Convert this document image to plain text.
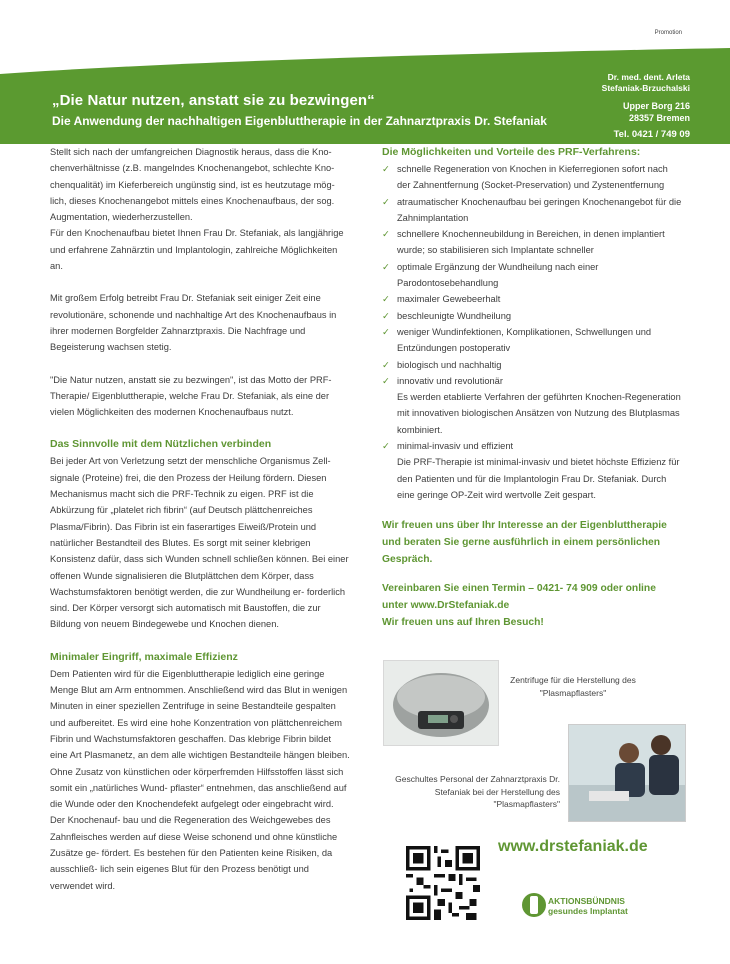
Promotion
„Die Natur nutzen, anstatt sie zu bezwingen“
Die Anwendung der nachhaltigen Eigenbluttherapie in der Zahnarztpraxis Dr. Stefaniak
Dr. med. dent. Arleta
Stefaniak-Brzuchalski
Upper Borg 216
28357 Bremen
Tel. 0421 / 749 09

Stellt sich nach der umfangreichen Diagnostik heraus, dass die Kno- chenverhältnisse (z.B. mangelndes Knochenangebot, schlechte Kno- chenqualität) im Kieferbereich ungünstig sind, ist es heutzutage mög- lich, dieses Knochenangebot mittels eines Knochenaufbaus, der sog. Augmentation, wiederherzustellen.
Für den Knochenaufbau bietet Ihnen Frau Dr. Stefaniak, als langjährige und erfahrene Zahnärztin und Implantologin, zahlreiche Möglichkeiten an.

Mit großem Erfolg betreibt Frau Dr. Stefaniak seit einiger Zeit eine revolutionäre, schonende und nachhaltige Art des Knochenaufbaus in ihrer modernen Borgfelder Zahnarztpraxis. Die Nachfrage und Begeisterung wachsen stetig.

"Die Natur nutzen, anstatt sie zu bezwingen", ist das Motto der PRF-Therapie/ Eigenbluttherapie, welche Frau Dr. Stefaniak, als eine der vielen Möglichkeiten des modernen Knochenaufbaus nutzt.

Das Sinnvolle mit dem Nützlichen verbinden

Bei jeder Art von Verletzung setzt der menschliche Organismus Zell- signale (Proteine) frei, die den Prozess der Heilung fördern. Diesen Mechanismus macht sich die PRF-Technik zu eigen. PRF ist die Abkürzung für „platelet rich fibrin“ (auf Deutsch plättchenreiches Plasma/Fibrin). Das Fibrin ist ein faserartiges Eiweiß/Protein und natürlicher Bestandteil des Blutes. Es sorgt mit seiner klebrigen Konsistenz dafür, dass sich Wunden schnell schließen können. Bei einer offenen Wunde signalisieren die Blutplättchen dem Körper, dass Wachstumsfaktoren benötigt werden, die zur Wundheilung er- forderlich sind. Der Körper versorgt sich automatisch mit Baustoffen, die zur Bildung von neuem Bindegewebe und Knochen dienen.

Minimaler Eingriff, maximale Effizienz

Dem Patienten wird für die Eigenbluttherapie lediglich eine geringe Menge Blut am Arm entnommen. Anschließend wird das Blut in wenigen Minuten in einer speziellen Zentrifuge in seine Bestandteile gespalten und aufbereitet. Es wird eine hohe Konzentration von plättchenreichem Fibrin und Wachstumsfaktoren geschaffen. Das klebrige Fibrin bildet eine Art Plasmanetz, an dem alle wichtigen Bestandteile hängen bleiben. Ohne Zusatz von künstlichen oder körperfremden Hilfsstoffen lässt sich somit ein „natürliches Wund- pflaster“ entnehmen, das anschließend auf die Wunde oder den Knochendefekt aufgelegt oder eingebracht wird. Der Knochenauf- bau und die Regeneration des Weichgewebes des Zahnfleisches werden auf diese Weise schonend und ohne künstliche Zusätze ge- fördert. Es bestehen für den Patienten keine Risiken, da ausschließ- lich sein eigenes Blut für den Prozess benötigt und verwendet wird.

Die Möglichkeiten und Vorteile des PRF-Verfahrens:
✓ schnelle Regeneration von Knochen in Kieferregionen sofort nach der Zahnentfernung (Socket-Preservation) und Zystenentfernung
✓ atraumatischer Knochenaufbau bei geringen Knochenangebot für die Zahnimplantation
✓ schnellere Knochenneubildung in Bereichen, in denen implantiert wurde; so stabilisieren sich Implantate schneller
✓ optimale Ergänzung der Wundheilung nach einer Parodontosebehandlung
✓ maximaler Gewebeerhalt
✓ beschleunigte Wundheilung
✓ weniger Wundinfektionen, Komplikationen, Schwellungen und Entzündungen postoperativ
✓ biologisch und nachhaltig
✓ innovativ und revolutionär
Es werden etablierte Verfahren der geführten Knochen-Regeneration mit innovativen biologischen Ansätzen von Nutzung des Blutplasmas kombiniert.
✓ minimal-invasiv und effizient
Die PRF-Therapie ist minimal-invasiv und bietet höchste Effizienz für den Patienten und für die Implantologin Frau Dr. Stefaniak. Durch eine geringe OP-Zeit wird wertvolle Zeit gespart.
Wir freuen uns über Ihr Interesse an der Eigenbluttherapie und beraten Sie gerne ausführlich in einem persönlichen Gespräch.
Vereinbaren Sie einen Termin – 0421- 74 909 oder online
unter www.DrStefaniak.de
Wir freuen uns auf Ihren Besuch!
Zentrifuge für die Herstellung des "Plasmapflasters"
Geschultes Personal der Zahnarztpraxis Dr. Stefaniak bei der Herstellung des "Plasmapflasters"
www.drstefaniak.de
AKTIONSBÜNDNIS
gesundes Implantat
